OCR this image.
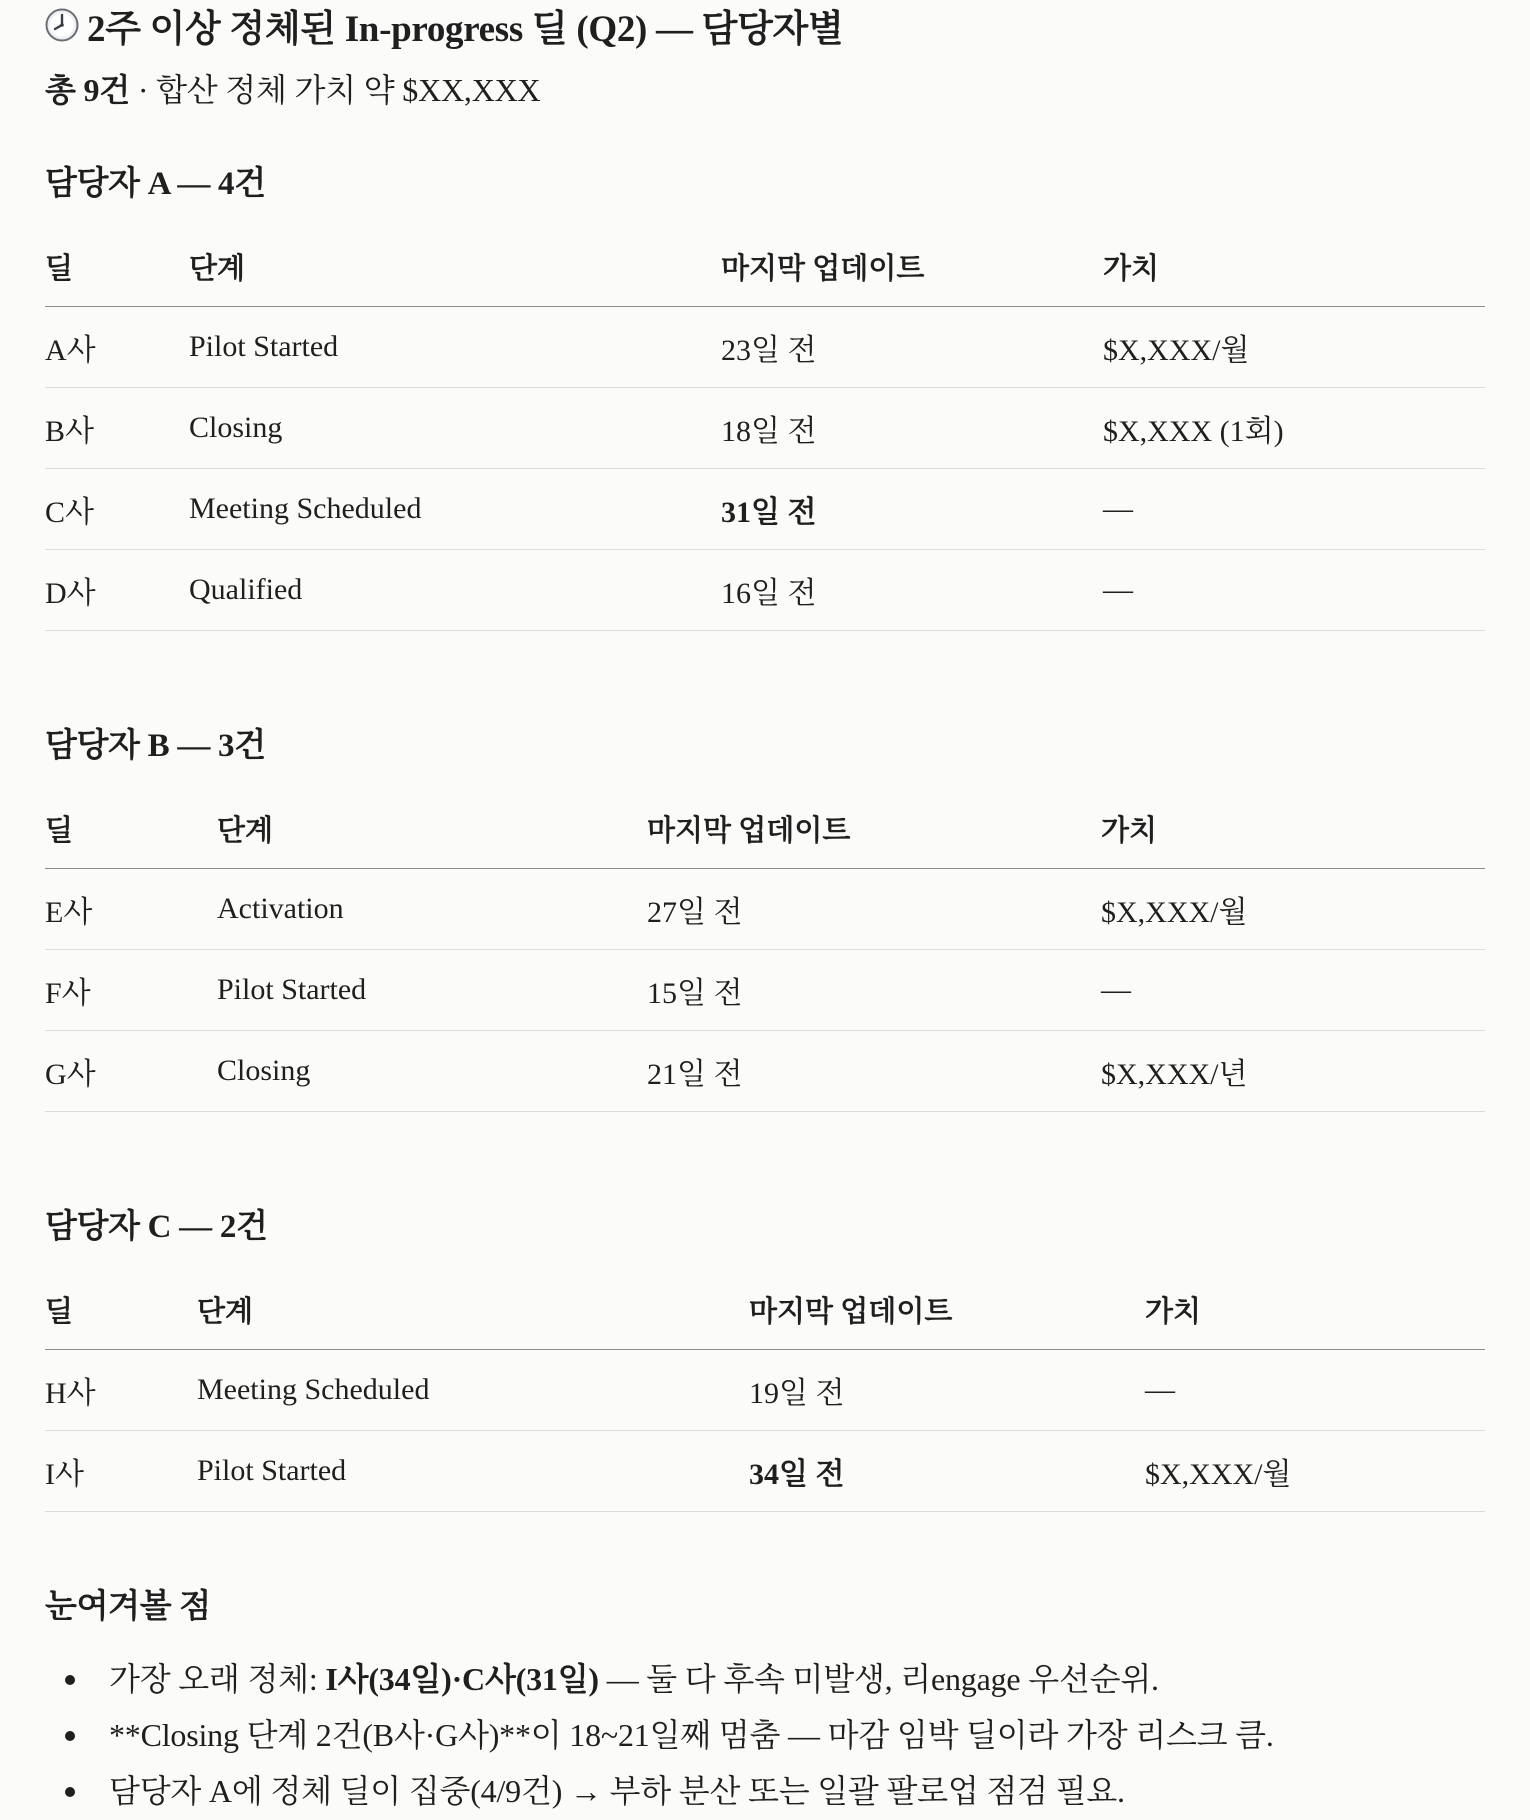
2주 이상 정체된 In-progress 딜 (Q2) — 담당자별
총 9건 · 합산 정체 가치 약 $XX,XXX
담당자 A — 4건
딜	단계	마지막 업데이트	가치
A사	Pilot Started	23일 전	$X,XXX/월
B사	Closing	18일 전	$X,XXX (1회)
C사	Meeting Scheduled	31일 전	—
D사	Qualified	16일 전	—
담당자 B — 3건
딜	단계	마지막 업데이트	가치
E사	Activation	27일 전	$X,XXX/월
F사	Pilot Started	15일 전	—
G사	Closing	21일 전	$X,XXX/년
담당자 C — 2건
딜	단계	마지막 업데이트	가치
H사	Meeting Scheduled	19일 전	—
I사	Pilot Started	34일 전	$X,XXX/월
눈여겨볼 점
가장 오래 정체: I사(34일)·C사(31일) — 둘 다 후속 미발생, 리engage 우선순위.
**Closing 단계 2건(B사·G사)**이 18~21일째 멈춤 — 마감 임박 딜이라 가장 리스크 큼.
담당자 A에 정체 딜이 집중(4/9건) → 부하 분산 또는 일괄 팔로업 점검 필요.
